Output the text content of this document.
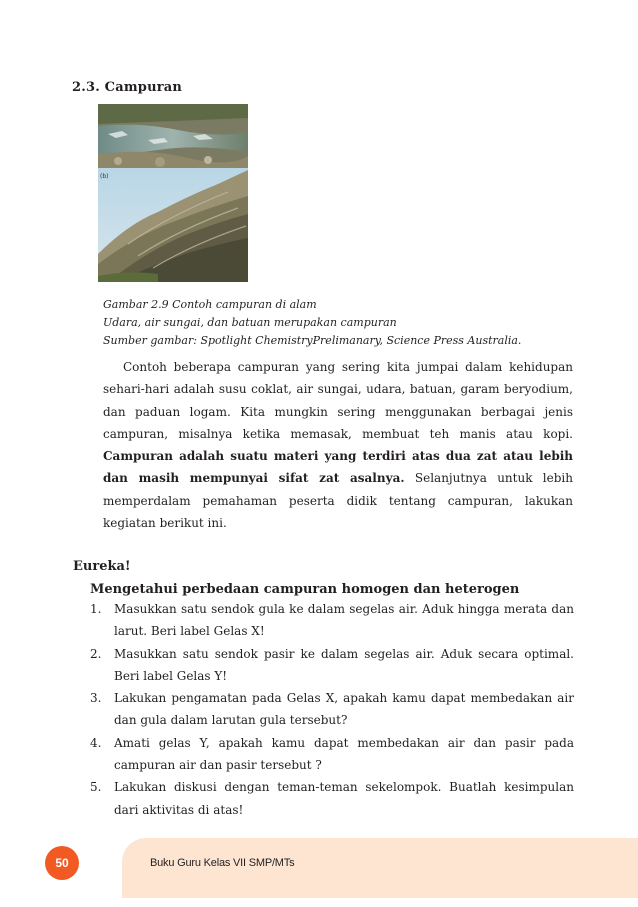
2.3. Campuran
(b)
Gambar 2.9 Contoh campuran di alam
Udara, air sungai, dan batuan merupakan campuran
Sumber gambar: Spotlight ChemistryPrelimanary, Science Press Australia.
Contoh beberapa campuran yang sering kita jumpai dalam kehidupan sehari-hari adalah susu coklat, air sungai, udara, batuan, garam beryodium, dan paduan logam. Kita mungkin sering menggunakan berbagai jenis campuran, misalnya ketika memasak, membuat teh manis atau kopi. Campuran adalah suatu materi yang terdiri atas dua zat atau lebih dan masih mempunyai sifat zat asalnya. Selanjutnya untuk lebih memperdalam pemahaman peserta didik tentang campuran, lakukan kegiatan berikut ini.
Eureka!
Mengetahui perbedaan campuran homogen dan heterogen
1. Masukkan satu sendok gula ke dalam segelas air. Aduk hingga merata dan larut. Beri label Gelas X!
2. Masukkan satu sendok pasir ke dalam segelas air. Aduk secara optimal. Beri label Gelas Y!
3. Lakukan pengamatan pada Gelas X, apakah kamu dapat membedakan air dan gula dalam larutan gula tersebut?
4. Amati gelas Y, apakah kamu dapat membedakan air dan pasir pada campuran air dan pasir tersebut ?
5. Lakukan diskusi dengan teman-teman sekelompok. Buatlah kesimpulan dari aktivitas di atas!
Buku Guru Kelas VII SMP/MTs
50
